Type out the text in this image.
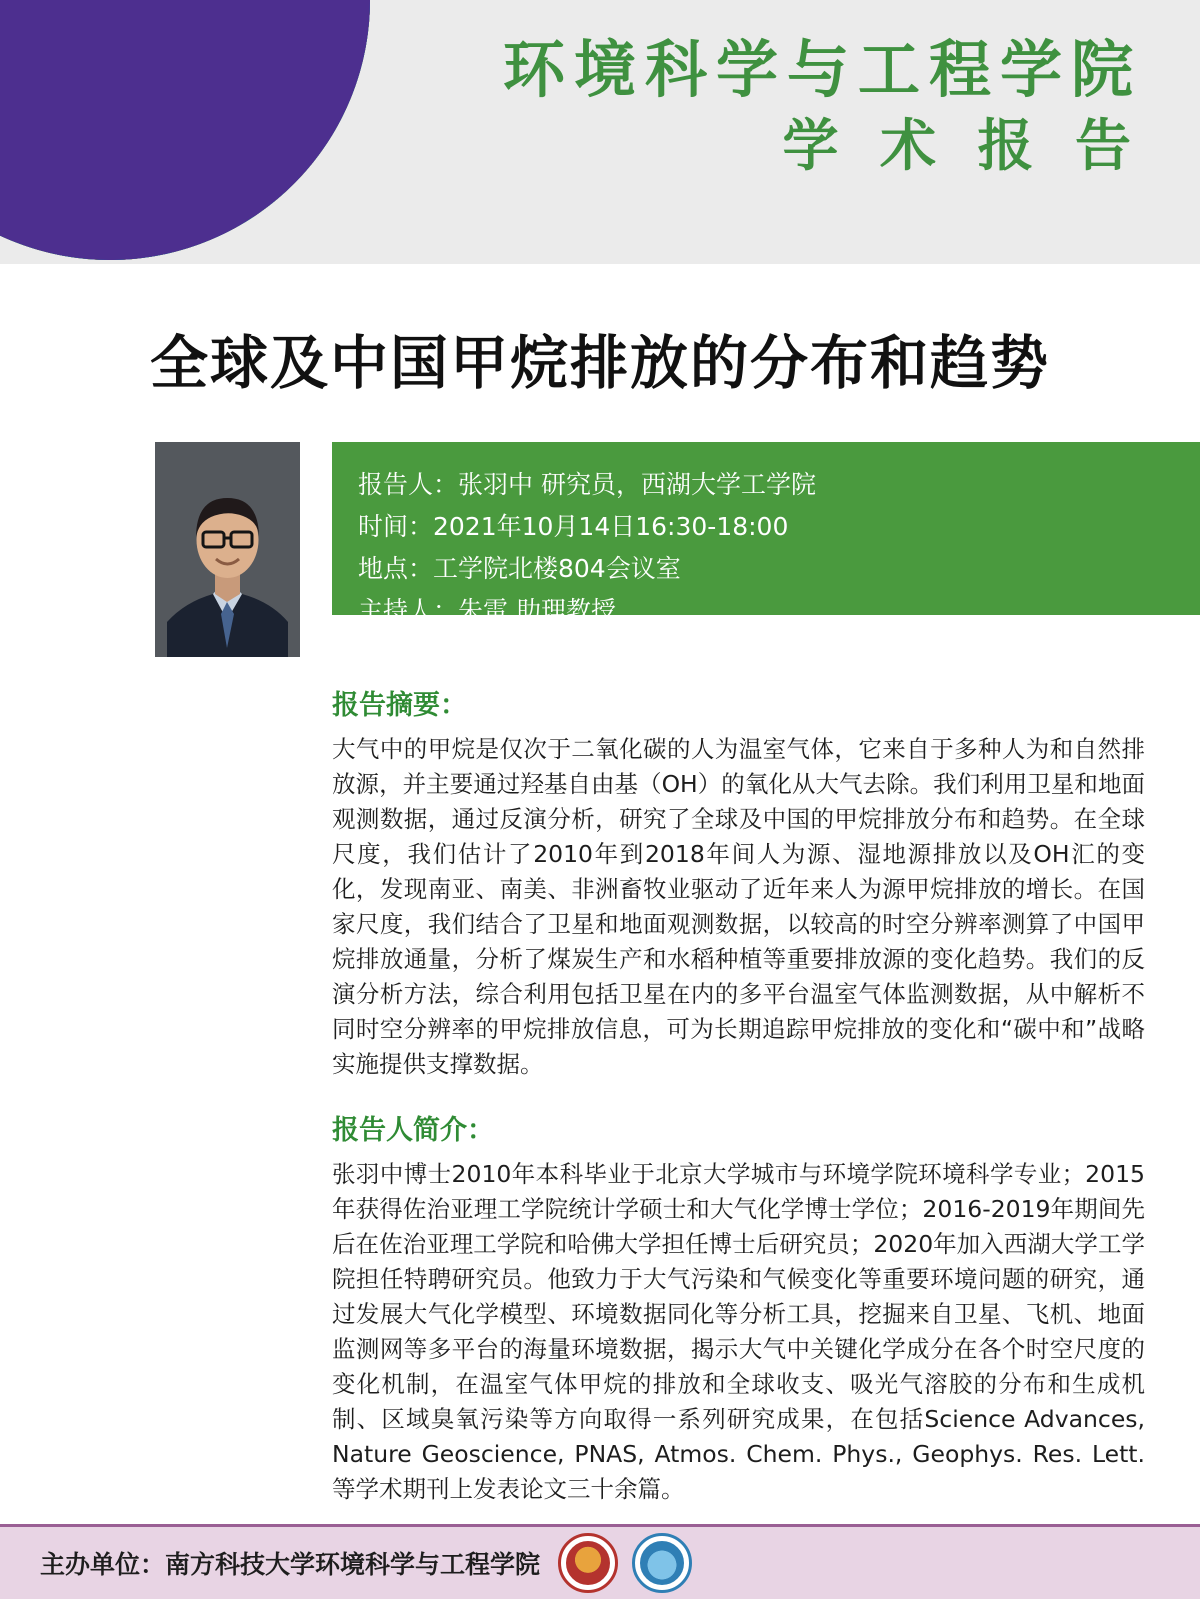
环境科学与工程学院
学 术 报 告
全球及中国甲烷排放的分布和趋势
报告人：张羽中 研究员，西湖大学工学院
时间：2021年10月14日16:30-18:00
地点：工学院北楼804会议室
主持人：朱雷 助理教授
报告摘要：
大气中的甲烷是仅次于二氧化碳的人为温室气体，它来自于多种人为和自然排放源，并主要通过羟基自由基（OH）的氧化从大气去除。我们利用卫星和地面观测数据，通过反演分析，研究了全球及中国的甲烷排放分布和趋势。在全球尺度，我们估计了2010年到2018年间人为源、湿地源排放以及OH汇的变化，发现南亚、南美、非洲畜牧业驱动了近年来人为源甲烷排放的增长。在国家尺度，我们结合了卫星和地面观测数据，以较高的时空分辨率测算了中国甲烷排放通量，分析了煤炭生产和水稻种植等重要排放源的变化趋势。我们的反演分析方法，综合利用包括卫星在内的多平台温室气体监测数据，从中解析不同时空分辨率的甲烷排放信息，可为长期追踪甲烷排放的变化和“碳中和”战略实施提供支撑数据。
报告人简介：
张羽中博士2010年本科毕业于北京大学城市与环境学院环境科学专业；2015年获得佐治亚理工学院统计学硕士和大气化学博士学位；2016-2019年期间先后在佐治亚理工学院和哈佛大学担任博士后研究员；2020年加入西湖大学工学院担任特聘研究员。他致力于大气污染和气候变化等重要环境问题的研究，通过发展大气化学模型、环境数据同化等分析工具，挖掘来自卫星、飞机、地面监测网等多平台的海量环境数据，揭示大气中关键化学成分在各个时空尺度的变化机制，在温室气体甲烷的排放和全球收支、吸光气溶胶的分布和生成机制、区域臭氧污染等方向取得一系列研究成果，在包括Science Advances, Nature Geoscience, PNAS, Atmos. Chem. Phys., Geophys. Res. Lett.等学术期刊上发表论文三十余篇。
主办单位：南方科技大学环境科学与工程学院
